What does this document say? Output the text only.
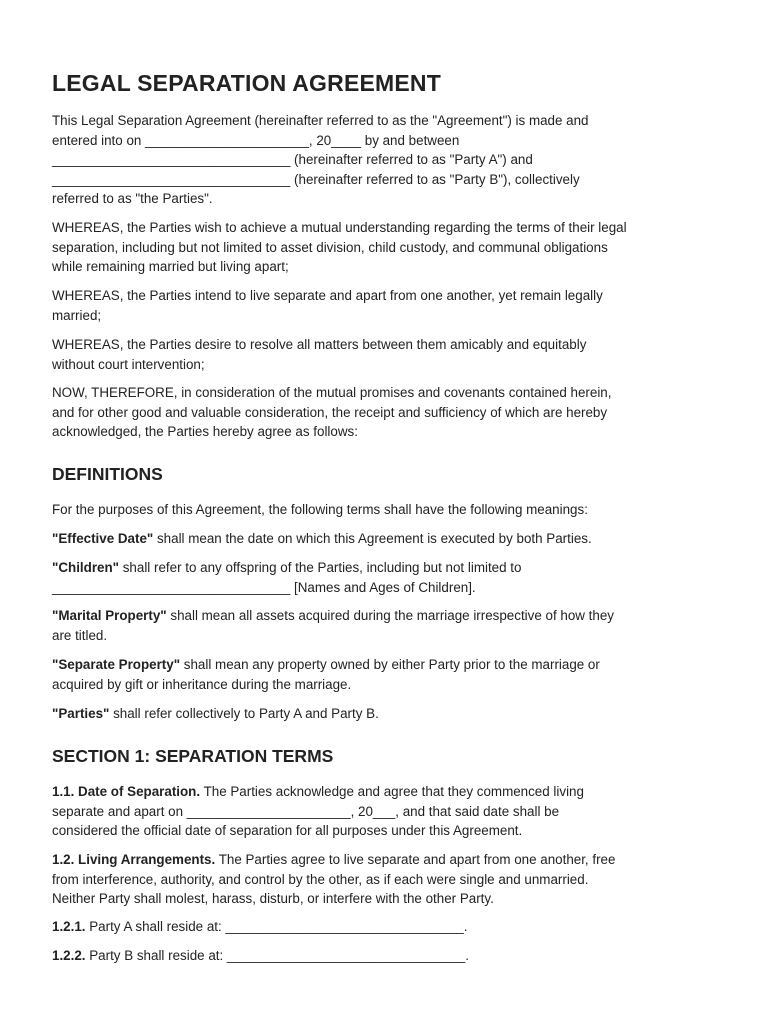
LEGAL SEPARATION AGREEMENT

This Legal Separation Agreement (hereinafter referred to as the "Agreement") is made and
entered into on ______________________, 20____ by and between
________________________________ (hereinafter referred to as "Party A") and
________________________________ (hereinafter referred to as "Party B"), collectively
referred to as "the Parties".

WHEREAS, the Parties wish to achieve a mutual understanding regarding the terms of their legal
separation, including but not limited to asset division, child custody, and communal obligations
while remaining married but living apart;

WHEREAS, the Parties intend to live separate and apart from one another, yet remain legally
married;

WHEREAS, the Parties desire to resolve all matters between them amicably and equitably
without court intervention;

NOW, THEREFORE, in consideration of the mutual promises and covenants contained herein,
and for other good and valuable consideration, the receipt and sufficiency of which are hereby
acknowledged, the Parties hereby agree as follows:

DEFINITIONS

For the purposes of this Agreement, the following terms shall have the following meanings:

"Effective Date" shall mean the date on which this Agreement is executed by both Parties.

"Children" shall refer to any offspring of the Parties, including but not limited to
________________________________ [Names and Ages of Children].

"Marital Property" shall mean all assets acquired during the marriage irrespective of how they
are titled.

"Separate Property" shall mean any property owned by either Party prior to the marriage or
acquired by gift or inheritance during the marriage.

"Parties" shall refer collectively to Party A and Party B.

SECTION 1: SEPARATION TERMS

1.1. Date of Separation. The Parties acknowledge and agree that they commenced living
separate and apart on ______________________, 20___, and that said date shall be
considered the official date of separation for all purposes under this Agreement.

1.2. Living Arrangements. The Parties agree to live separate and apart from one another, free
from interference, authority, and control by the other, as if each were single and unmarried.
Neither Party shall molest, harass, disturb, or interfere with the other Party.

1.2.1. Party A shall reside at: ________________________________.

1.2.2. Party B shall reside at: ________________________________.
